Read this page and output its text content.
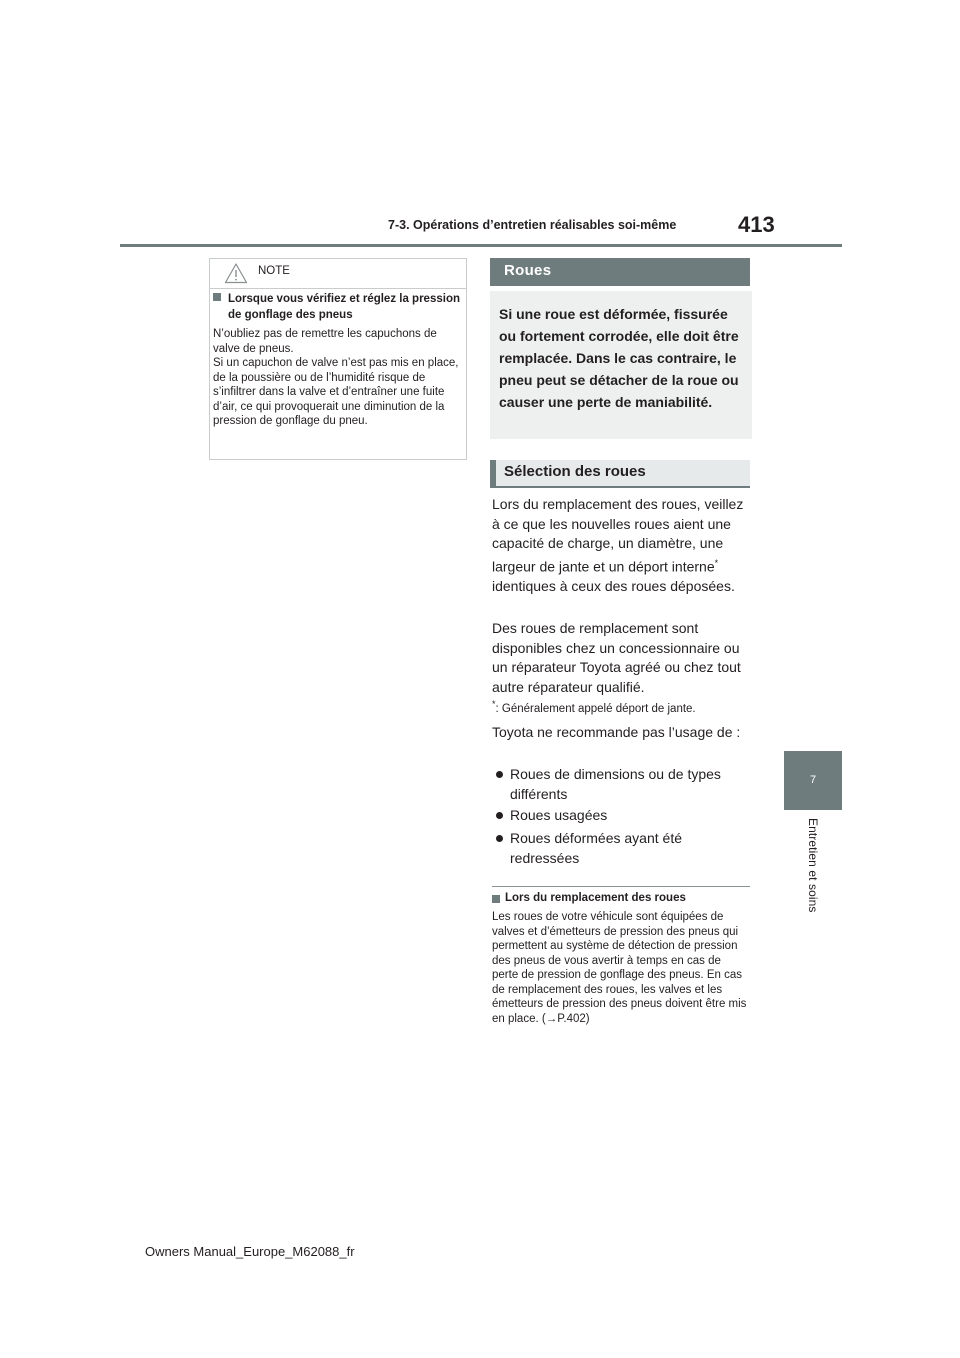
7-3. Opérations d’entretien réalisables soi-même	413
7
Entretien et soins
NOTE
Lorsque vous vérifiez et réglez la pression de gonflage des pneus

N’oubliez pas de remettre les capuchons de valve de pneus.

Si un capuchon de valve n’est pas mis en place, de la poussière ou de l’humidité risque de s’infiltrer dans la valve et d’entraîner une fuite d’air, ce qui provoquerait une diminution de la pression de gonflage du pneu.

Roues
Si une roue est déformée, fissurée ou fortement corrodée, elle doit être remplacée. Dans le cas contraire, le pneu peut se détacher de la roue ou causer une perte de maniabilité.
Sélection des roues

Lors du remplacement des roues, veillez à ce que les nouvelles roues aient une capacité de charge, un diamètre, une largeur de jante et un déport interne* identiques à ceux des roues déposées.

Des roues de remplacement sont disponibles chez un concessionnaire ou un réparateur Toyota agréé ou chez tout autre réparateur qualifié.

*: Généralement appelé déport de jante.

Toyota ne recommande pas l’usage de :

Roues de dimensions ou de types différents
Roues usagées
Roues déformées ayant été redressées
Lors du remplacement des roues
Les roues de votre véhicule sont équipées de valves et d’émetteurs de pression des pneus qui permettent au système de détection de pression des pneus de vous avertir à temps en cas de perte de pression de gonflage des pneus. En cas de remplacement des roues, les valves et les émetteurs de pression des pneus doivent être mis en place. (→P.402)
Owners Manual_Europe_M62088_fr
